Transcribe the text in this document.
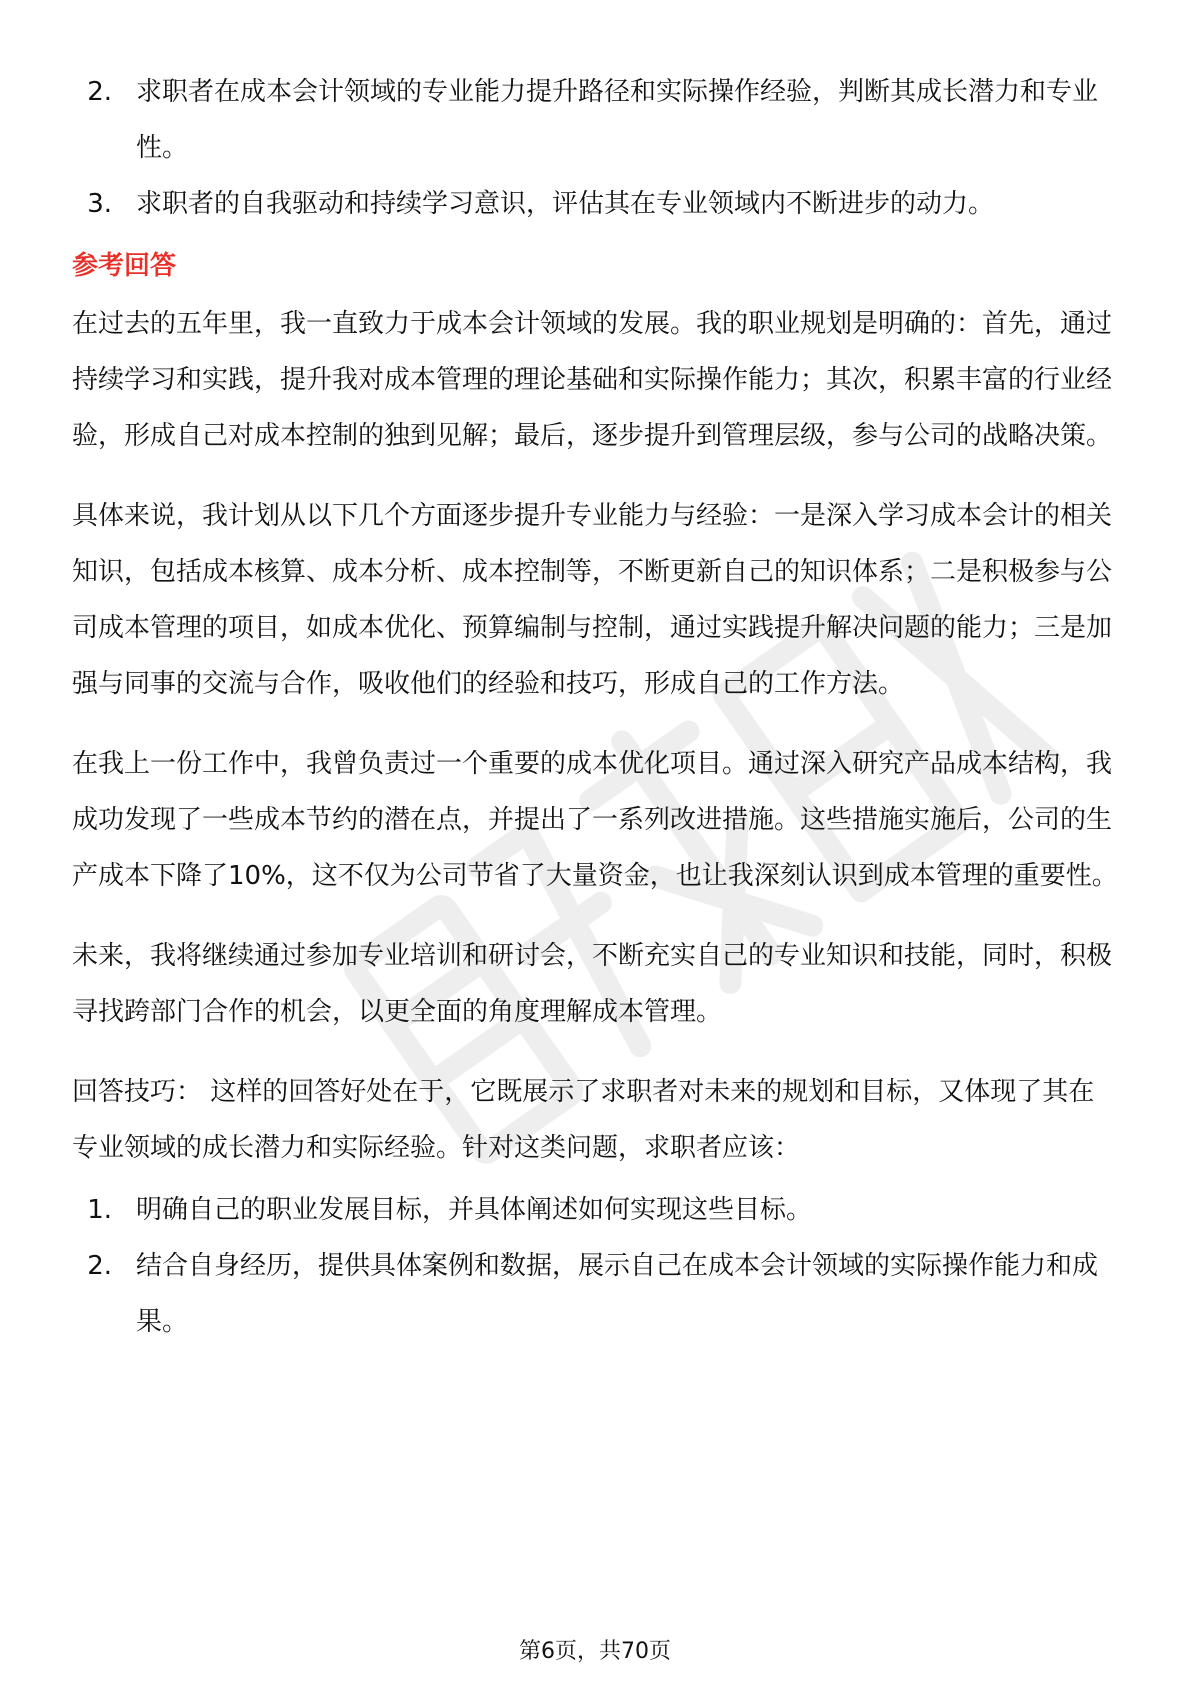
2. 求职者在成本会计领域的专业能力提升路径和实际操作经验，判断其成长潜力和专业性。
3. 求职者的自我驱动和持续学习意识，评估其在专业领域内不断进步的动力。
参考回答

在过去的五年里，我一直致力于成本会计领域的发展。我的职业规划是明确的：首先，通过持续学习和实践，提升我对成本管理的理论基础和实际操作能力；其次，积累丰富的行业经验，形成自己对成本控制的独到见解；最后，逐步提升到管理层级，参与公司的战略决策。

具体来说，我计划从以下几个方面逐步提升专业能力与经验：一是深入学习成本会计的相关知识，包括成本核算、成本分析、成本控制等，不断更新自己的知识体系；二是积极参与公司成本管理的项目，如成本优化、预算编制与控制，通过实践提升解决问题的能力；三是加强与同事的交流与合作，吸收他们的经验和技巧，形成自己的工作方法。

在我上一份工作中，我曾负责过一个重要的成本优化项目。通过深入研究产品成本结构，我成功发现了一些成本节约的潜在点，并提出了一系列改进措施。这些措施实施后，公司的生产成本下降了10%，这不仅为公司节省了大量资金，也让我深刻认识到成本管理的重要性。

未来，我将继续通过参加专业培训和研讨会，不断充实自己的专业知识和技能，同时，积极寻找跨部门合作的机会，以更全面的角度理解成本管理。

回答技巧： 这样的回答好处在于，它既展示了求职者对未来的规划和目标，又体现了其在专业领域的成长潜力和实际经验。针对这类问题，求职者应该：

1. 明确自己的职业发展目标，并具体阐述如何实现这些目标。
2. 结合自身经历，提供具体案例和数据，展示自己在成本会计领域的实际操作能力和成果。
第6页，共70页
